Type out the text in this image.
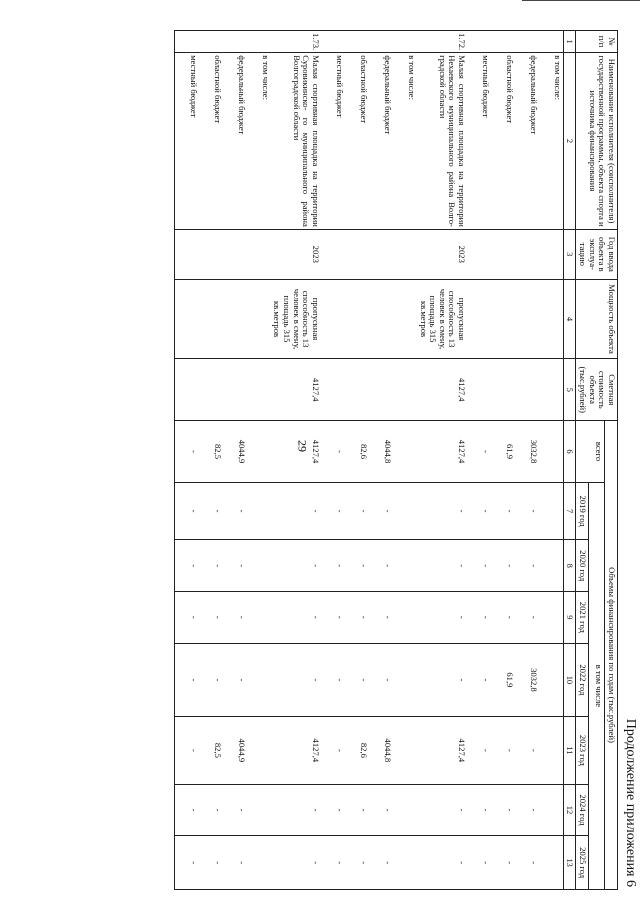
29
Продолжение приложения 6
№ п/п	Наименование исполнителя (соисполнителя) государственной программы, объекта спорта и источника финансирования	Год ввода объекта в эксплуа- тацию	Мощность объекта	Сметная стоимость объекта (тыс.рублей)	Объемы финансирования по годам (тыс.рублей)							
					всего	в том числе						
						2019 год	2020 год	2021 год	2022 год	2023 год	2024 год	2025 год
1	2	3	4	5	6	7	8	9	10	11	12	13
	в том числе:											
	федеральный бюджет				3032,8	-	-	-	3032,8	-	-	-
	областной бюджет				61,9	-	-	-	61,9	-	-	-
	местный бюджет				-	-	-	-	-	-	-	-
1.72.	Малая спортивная площадка на территории Нехаевского муниципального района Волго- градской области	2023	пропускная способность 13 человек в смену, площадь 315 кв.метров	4127,4	4127,4	-	-	-	-	4127,4	-	-
	в том числе:											
	федеральный бюджет				4044,8	-	-	-	-	4044,8	-	-
	областной бюджет				82,6	-	-	-	-	82,6	-	-
	местный бюджет				-	-	-	-	-	-	-	-
1.73.	Малая спортивная площадка на территории Суровикинско- го муниципального района Волгоградской области	2023	пропускная способность 13 человек в смену, площадь 315 кв.метров	4127,4	4127,4	-	-	-	-	4127,4	-	-
	в том числе:											
	федеральный бюджет				4044,9	-	-	-	-	4044,9	-	-
	областной бюджет				82,5	-	-	-	-	82,5	-	-
	местный бюджет				-	-	-	-	-	-	-	-
